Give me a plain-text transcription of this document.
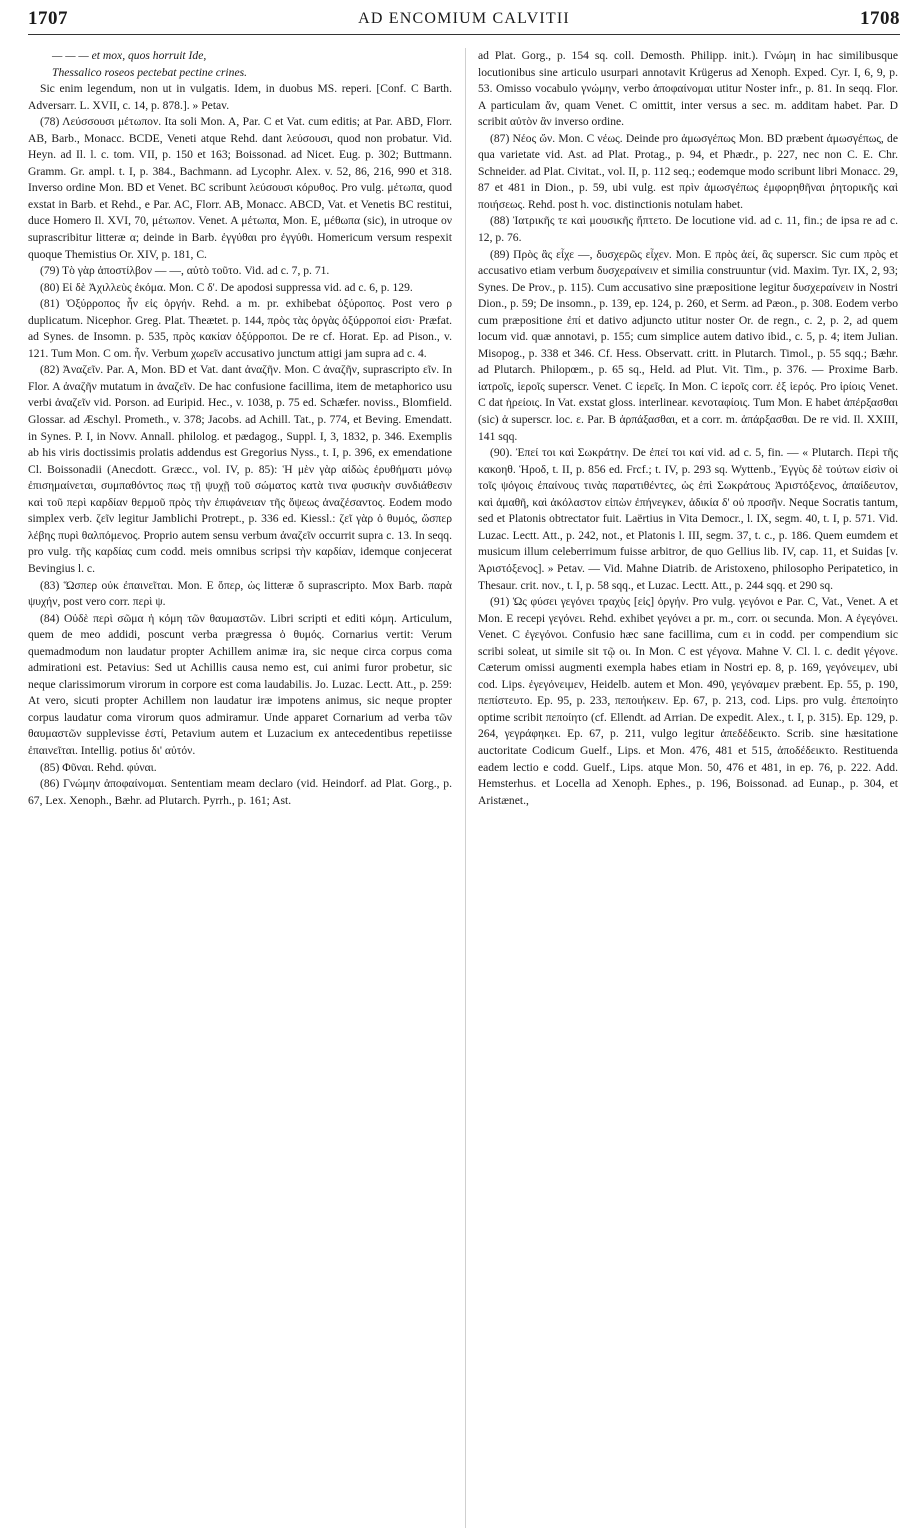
1707	AD ENCOMIUM CALVITII	1708

— — — et mox, quos horruit Ide,

Thessalico roseos pectebat pectine crines.

Sic enim legendum, non ut in vulgatis. Idem, in duobus MS. reperi. [Conf. C Barth. Adversarr. L. XVII, c. 14, p. 878.]. » Petav.

(78) Λεύσσουσι μέτωπον. Ita soli Mon. A, Par. C et Vat. cum editis; at Par. ABD, Florr. AB, Barb., Monacc. BCDE, Veneti atque Rehd. dant λεύσουσι, quod non probatur. Vid. Heyn. ad Il. l. c. tom. VII, p. 150 et 163; Boissonad. ad Nicet. Eug. p. 302; Buttmann. Gramm. Gr. ampl. t. I, p. 384., Bachmann. ad Lycophr. Alex. v. 52, 86, 216, 990 et 318. Inverso ordine Mon. BD et Venet. BC scribunt λεύσουσι κόρυθος. Pro vulg. μέτωπα, quod exstat in Barb. et Rehd., e Par. AC, Florr. AB, Monacc. ABCD, Vat. et Venetis BC restitui, duce Homero Il. XVI, 70, μέτωπον. Venet. A μέτωπα, Mon. E, μέθωπα (sic), in utroque ον suprascribitur litteræ α; deinde in Barb. ἐγγύθαι pro ἐγγύθι. Homericum versum respexit quoque Themistius Or. XIV, p. 181, C.

(79) Τὸ γὰρ ἀποστίλβον — —, αὐτὸ τοῦτο. Vid. ad c. 7, p. 71.

(80) Εἰ δὲ Ἀχιλλεὺς ἐκόμα. Mon. C δ'. De apodosi suppressa vid. ad c. 6, p. 129.

(81) Ὀξύρροπος ἦν εἰς ὀργήν. Rehd. a m. pr. exhibebat ὀξύροπος. Post vero ρ duplicatum. Nicephor. Greg. Plat. Theætet. p. 144, πρὸς τὰς ὀργὰς ὀξύρροποί εἰσι· Præfat. ad Synes. de Insomn. p. 535, πρὸς κακίαν ὀξύρροποι. De re cf. Horat. Ep. ad Pison., v. 121. Tum Mon. C om. ἦν. Verbum χωρεῖν accusativo junctum attigi jam supra ad c. 4.

(82) Ἀναζεῖν. Par. A, Mon. BD et Vat. dant ἀναζῆν. Mon. C ἀναζῆν, suprascripto εῖν. In Flor. A ἀναζῆν mutatum in ἀναζεῖν. De hac confusione facillima, item de metaphorico usu verbi ἀναζεῖν vid. Porson. ad Euripid. Hec., v. 1038, p. 75 ed. Schæfer. noviss., Blomfield. Glossar. ad Æschyl. Prometh., v. 378; Jacobs. ad Achill. Tat., p. 774, et Beving. Emendatt. in Synes. P. I, in Novv. Annall. philolog. et pædagog., Suppl. I, 3, 1832, p. 346. Exemplis ab his viris doctissimis prolatis addendus est Gregorius Nyss., t. I, p. 396, ex emendatione Cl. Boissonadii (Anecdott. Græcc., vol. IV, p. 85): Ἡ μὲν γὰρ αἰδὼς ἐρυθήματι μόνῳ ἐπισημαίνεται, συμπαθόντος πως τῇ ψυχῇ τοῦ σώματος κατὰ τινα φυσικὴν συνδιάθεσιν καὶ τοῦ περὶ καρδίαν θερμοῦ πρὸς τὴν ἐπιφάνειαν τῆς ὄψεως ἀναζέσαντος. Eodem modo simplex verb. ζεῖν legitur Jamblichi Protrept., p. 336 ed. Kiessl.: ζεῖ γὰρ ὁ θυμός, ὥσπερ λέβης πυρὶ θαλπόμενος. Proprio autem sensu verbum ἀναζεῖν occurrit supra c. 13. In seqq. pro vulg. τῆς καρδίας cum codd. meis omnibus scripsi τὴν καρδίαν, idemque conjecerat Bevingius l. c.

(83) Ὥσπερ οὐκ ἐπαινεῖται. Mon. E ὅπερ, ὡς litteræ ὅ suprascripto. Mox Barb. παρὰ ψυχήν, post vero corr. περὶ ψ.

(84) Οὐδὲ περὶ σῶμα ἡ κόμη τῶν θαυμαστῶν. Libri scripti et editi κόμη. Articulum, quem de meo addidi, poscunt verba prægressa ὁ θυμός. Cornarius vertit: Verum quemadmodum non laudatur propter Achillem animæ ira, sic neque circa corpus coma admirationi est. Petavius: Sed ut Achillis causa nemo est, cui animi furor probetur, sic neque clarissimorum virorum in corpore est coma laudabilis. Jo. Luzac. Lectt. Att., p. 259: At vero, sicuti propter Achillem non laudatur iræ impotens animus, sic neque propter corpus laudatur coma virorum quos admiramur. Unde apparet Cornarium ad verba τῶν θαυμαστῶν supplevisse ἐστί, Petavium autem et Luzacium ex antecedentibus repetiisse ἐπαινεῖται. Intellig. potius δι' αὐτόν.

(85) Φῦναι. Rehd. φύναι.

(86) Γνώμην ἀποφαίνομαι. Sententiam meam declaro (vid. Heindorf. ad Plat. Gorg., p. 67, Lex. Xenoph., Bæhr. ad Plutarch. Pyrrh., p. 161; Ast.

ad Plat. Gorg., p. 154 sq. coll. Demosth. Philipp. init.). Γνώμη in hac similibusque locutionibus sine articulo usurpari annotavit Krügerus ad Xenoph. Exped. Cyr. I, 6, 9, p. 53. Omisso vocabulo γνώμην, verbo ἀποφαίνομαι utitur Noster infr., p. 81. In seqq. Flor. A particulam ἄν, quam Venet. C omittit, inter versus a sec. m. additam habet. Par. D scribit αὐτὸν ἂν inverso ordine.

(87) Νέος ὤν. Mon. C νέως. Deinde pro ἀμωσγέπως Mon. BD præbent ἀμωσγέπως, de qua varietate vid. Ast. ad Plat. Protag., p. 94, et Phædr., p. 227, nec non C. E. Chr. Schneider. ad Plat. Civitat., vol. II, p. 112 seq.; eodemque modo scribunt libri Monacc. 29, 87 et 481 in Dion., p. 59, ubi vulg. est πρὶν ἀμωσγέπως ἐμφορηθῆναι ῥητορικῆς καὶ ποιήσεως. Rehd. post h. voc. distinctionis notulam habet.

(88) Ἰατρικῆς τε καὶ μουσικῆς ἥπτετο. De locutione vid. ad c. 11, fin.; de ipsa re ad c. 12, p. 76.

(89) Πρὸς ἃς εἶχε —, δυσχερῶς εἶχεν. Mon. E πρὸς ἀεί, ἃς superscr. Sic cum πρὸς et accusativo etiam verbum δυσχεραίνειν et similia construuntur (vid. Maxim. Tyr. IX, 2, 93; Synes. De Prov., p. 115). Cum accusativo sine præpositione legitur δυσχεραίνειν in Nostri Dion., p. 59; De insomn., p. 139, ep. 124, p. 260, et Serm. ad Pæon., p. 308. Eodem verbo cum præpositione ἐπί et dativo adjuncto utitur noster Or. de regn., c. 2, p. 2, ad quem locum vid. quæ annotavi, p. 155; cum simplice autem dativo ibid., c. 5, p. 4; item Julian. Misopog., p. 338 et 346. Cf. Hess. Observatt. critt. in Plutarch. Timol., p. 55 sqq.; Bæhr. ad Plutarch. Philopœm., p. 65 sq., Held. ad Plut. Vit. Tim., p. 376. — Proxime Barb. ἰατροῖς, ἱεροῖς superscr. Venet. C ἱερεῖς. In Mon. C ἱεροῖς corr. ἐξ ἱερός. Pro ἱρίοις Venet. C dat ἡρείοις. In Vat. exstat gloss. interlinear. κενοταφίοις. Tum Mon. E habet ἀπέρξασθαι (sic) ἁ superscr. loc. ε. Par. B ἀρπάξασθαι, et a corr. m. ἀπάρξασθαι. De re vid. Il. XXIII, 141 sqq.

(90). Ἐπεί τοι καὶ Σωκράτην. De ἐπεί τοι καί vid. ad c. 5, fin. — « Plutarch. Περὶ τῆς κακοηθ. Ἡροδ, t. II, p. 856 ed. Frcf.; t. IV, p. 293 sq. Wyttenb., Ἐγγὺς δὲ τούτων εἰσὶν οἱ τοῖς ψόγοις ἐπαίνους τινὰς παρατιθέντες, ὡς ἐπὶ Σωκράτους Ἀριστόξενος, ἀπαίδευτον, καὶ ἀμαθῆ, καὶ ἀκόλαστον εἰπὼν ἐπήνεγκεν, ἀδικία δ' οὐ προσῆν. Neque Socratis tantum, sed et Platonis obtrectator fuit. Laërtius in Vita Democr., l. IX, segm. 40, t. I, p. 571. Vid. Luzac. Lectt. Att., p. 242, not., et Platonis l. III, segm. 37, t. c., p. 186. Quem eumdem et musicum illum celeberrimum fuisse arbitror, de quo Gellius lib. IV, cap. 11, et Suidas [v. Ἀριστόξενος]. » Petav. — Vid. Mahne Diatrib. de Aristoxeno, philosopho Peripatetico, in Thesaur. crit. nov., t. I, p. 58 sqq., et Luzac. Lectt. Att., p. 244 sqq. et 290 sq.

(91) Ὡς φύσει γεγόνει τραχὺς [εἰς] ὀργήν. Pro vulg. γεγόνοι e Par. C, Vat., Venet. A et Mon. E recepi γεγόνει. Rehd. exhibet γεγόνει a pr. m., corr. οι secunda. Mon. A ἐγεγόνει. Venet. C ἐγεγόνοι. Confusio hæc sane facillima, cum ει in codd. per compendium sic scribi soleat, ut simile sit τῷ οι. In Mon. C est γέγονα. Mahne V. Cl. l. c. dedit γέγονε. Cæterum omissi augmenti exempla habes etiam in Nostri ep. 8, p. 169, γεγόνειμεν, ubi cod. Lips. ἐγεγόνειμεν, Heidelb. autem et Mon. 490, γεγόναμεν præbent. Ep. 55, p. 190, πεπίστευτο. Ep. 95, p. 233, πεποιήκειν. Ep. 67, p. 213, cod. Lips. pro vulg. ἐπεποίητο optime scribit πεποίητο (cf. Ellendt. ad Arrian. De expedit. Alex., t. I, p. 315). Ep. 129, p. 264, γεγράφηκει. Ep. 67, p. 211, vulgo legitur ἀπεδέδεικτο. Scrib. sine hæsitatione auctoritate Codicum Guelf., Lips. et Mon. 476, 481 et 515, ἀποδέδεικτο. Restituenda eadem lectio e codd. Guelf., Lips. atque Mon. 50, 476 et 481, in ep. 76, p. 222. Add. Hemsterhus. et Locella ad Xenoph. Ephes., p. 196, Boissonad. ad Eunap., p. 304, et Aristænet.,
